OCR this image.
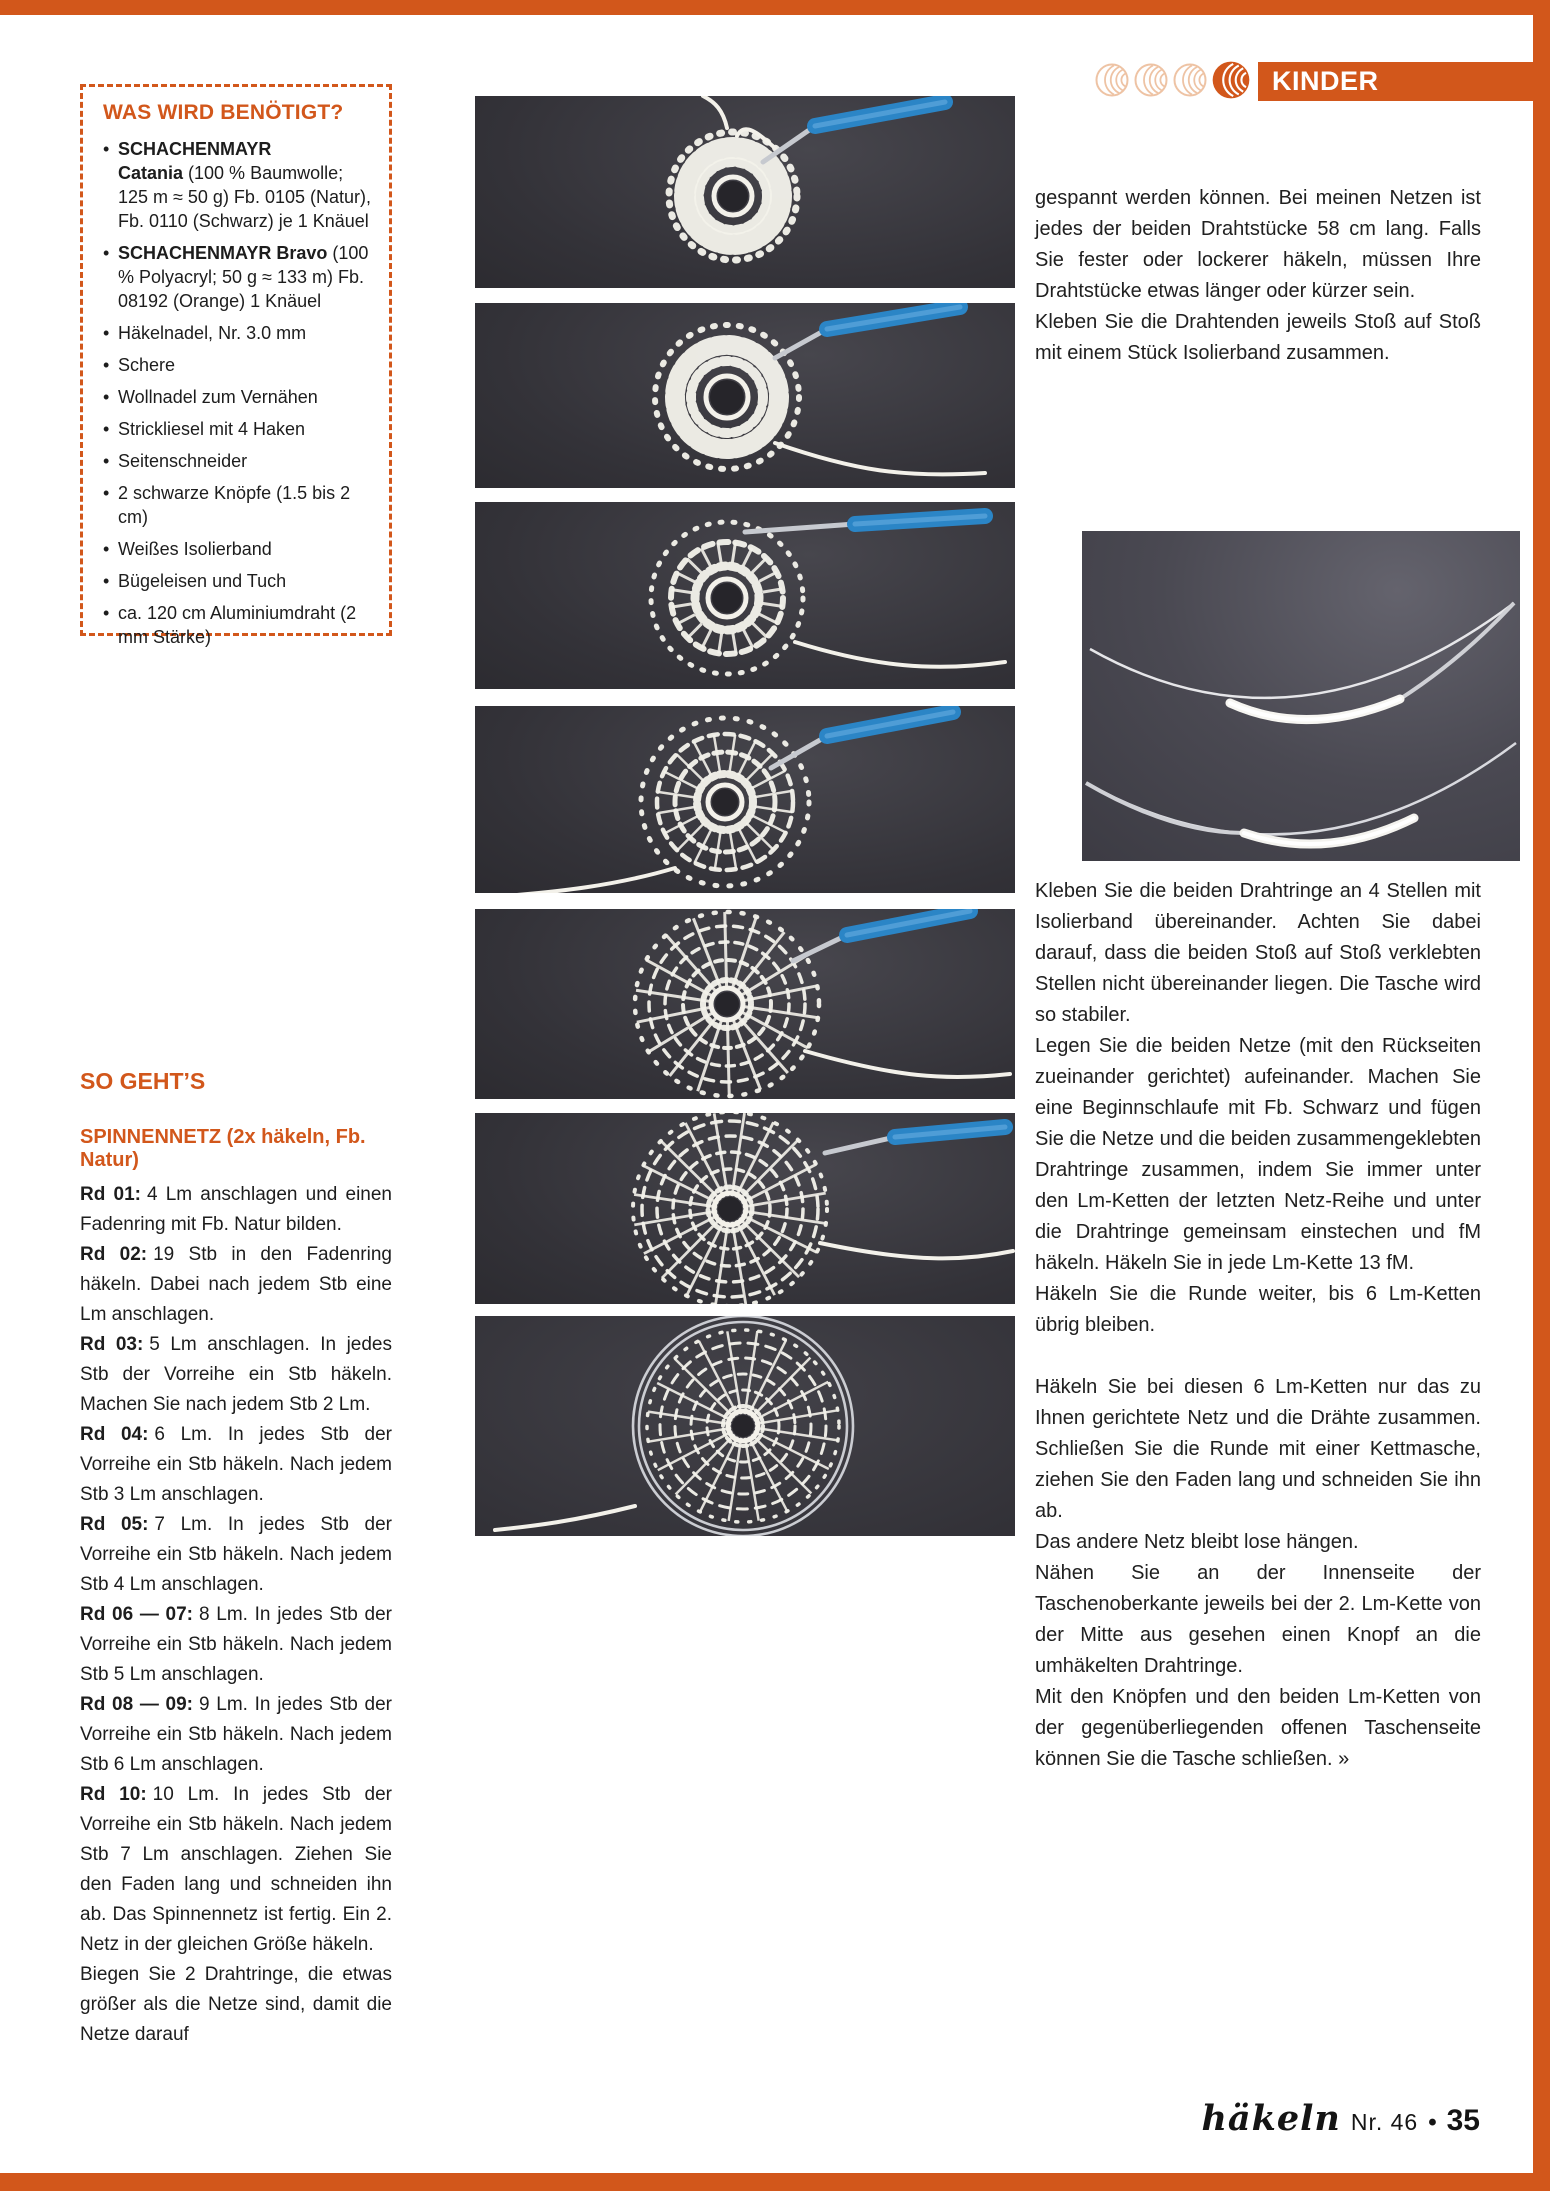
KINDER
WAS WIRD BENÖTIGT?
• SCHACHENMAYR Catania (100 % Baumwolle; 125 m ≈ 50 g) Fb. 0105 (Natur), Fb. 0110 (Schwarz) je 1 Knäuel
• SCHACHENMAYR Bravo (100 % Polyacryl; 50 g ≈ 133 m) Fb. 08192 (Orange) 1 Knäuel
• Häkelnadel, Nr. 3.0 mm
• Schere
• Wollnadel zum Vernähen
• Strickliesel mit 4 Haken
• Seitenschneider
• 2 schwarze Knöpfe (1.5 bis 2 cm)
• Weißes Isolierband
• Bügeleisen und Tuch
• ca. 120 cm Aluminiumdraht (2 mm Stärke)
SO GEHT’S
SPINNENNETZ (2x häkeln, Fb. Natur)

Rd 01: 4 Lm anschlagen und einen Fadenring mit Fb. Natur bilden.

Rd 02: 19 Stb in den Fadenring häkeln. Dabei nach jedem Stb eine Lm anschlagen.

Rd 03: 5 Lm anschlagen. In jedes Stb der Vorreihe ein Stb häkeln. Machen Sie nach jedem Stb 2 Lm.

Rd 04: 6 Lm. In jedes Stb der Vorreihe ein Stb häkeln. Nach jedem Stb 3 Lm anschlagen.

Rd 05: 7 Lm. In jedes Stb der Vorreihe ein Stb häkeln. Nach jedem Stb 4 Lm anschlagen.

Rd 06 — 07: 8 Lm. In jedes Stb der Vorreihe ein Stb häkeln. Nach jedem Stb 5 Lm anschlagen.

Rd 08 — 09: 9 Lm. In jedes Stb der Vorreihe ein Stb häkeln. Nach jedem Stb 6 Lm anschlagen.

Rd 10: 10 Lm. In jedes Stb der Vorreihe ein Stb häkeln. Nach jedem Stb 7 Lm anschlagen. Ziehen Sie den Faden lang und schneiden ihn ab. Das Spinnennetz ist fertig. Ein 2. Netz in der gleichen Größe häkeln.

Biegen Sie 2 Drahtringe, die etwas größer als die Netze sind, damit die Netze darauf

gespannt werden können. Bei meinen Netzen ist jedes der beiden Drahtstücke 58 cm lang. Falls Sie fester oder lockerer häkeln, müssen Ihre Drahtstücke etwas länger oder kürzer sein.

Kleben Sie die Drahtenden jeweils Stoß auf Stoß mit einem Stück Isolierband zusammen.

Kleben Sie die beiden Drahtringe an 4 Stellen mit Isolierband übereinander. Achten Sie dabei darauf, dass die beiden Stoß auf Stoß verklebten Stellen nicht übereinander liegen. Die Tasche wird so stabiler.

Legen Sie die beiden Netze (mit den Rückseiten zueinander gerichtet) aufeinander. Machen Sie eine Beginnschlaufe mit Fb. Schwarz und fügen Sie die Netze und die beiden zusammengeklebten Drahtringe zusammen, indem Sie immer unter den Lm-Ketten der letzten Netz-Reihe und unter die Drahtringe gemeinsam einstechen und fM häkeln. Häkeln Sie in jede Lm-Kette 13 fM.

Häkeln Sie die Runde weiter, bis 6 Lm-Ketten übrig bleiben.

Häkeln Sie bei diesen 6 Lm-Ketten nur das zu Ihnen gerichtete Netz und die Drähte zusammen. Schließen Sie die Runde mit einer Kettmasche, ziehen Sie den Faden lang und schneiden Sie ihn ab.

Das andere Netz bleibt lose hängen.

Nähen Sie an der Innenseite der Taschenoberkante jeweils bei der 2. Lm-Kette von der Mitte aus gesehen einen Knopf an die umhäkelten Drahtringe.

Mit den Knöpfen und den beiden Lm-Ketten von der gegenüberliegenden offenen Taschenseite können Sie die Tasche schließen. »

häkeln Nr. 46 • 35
